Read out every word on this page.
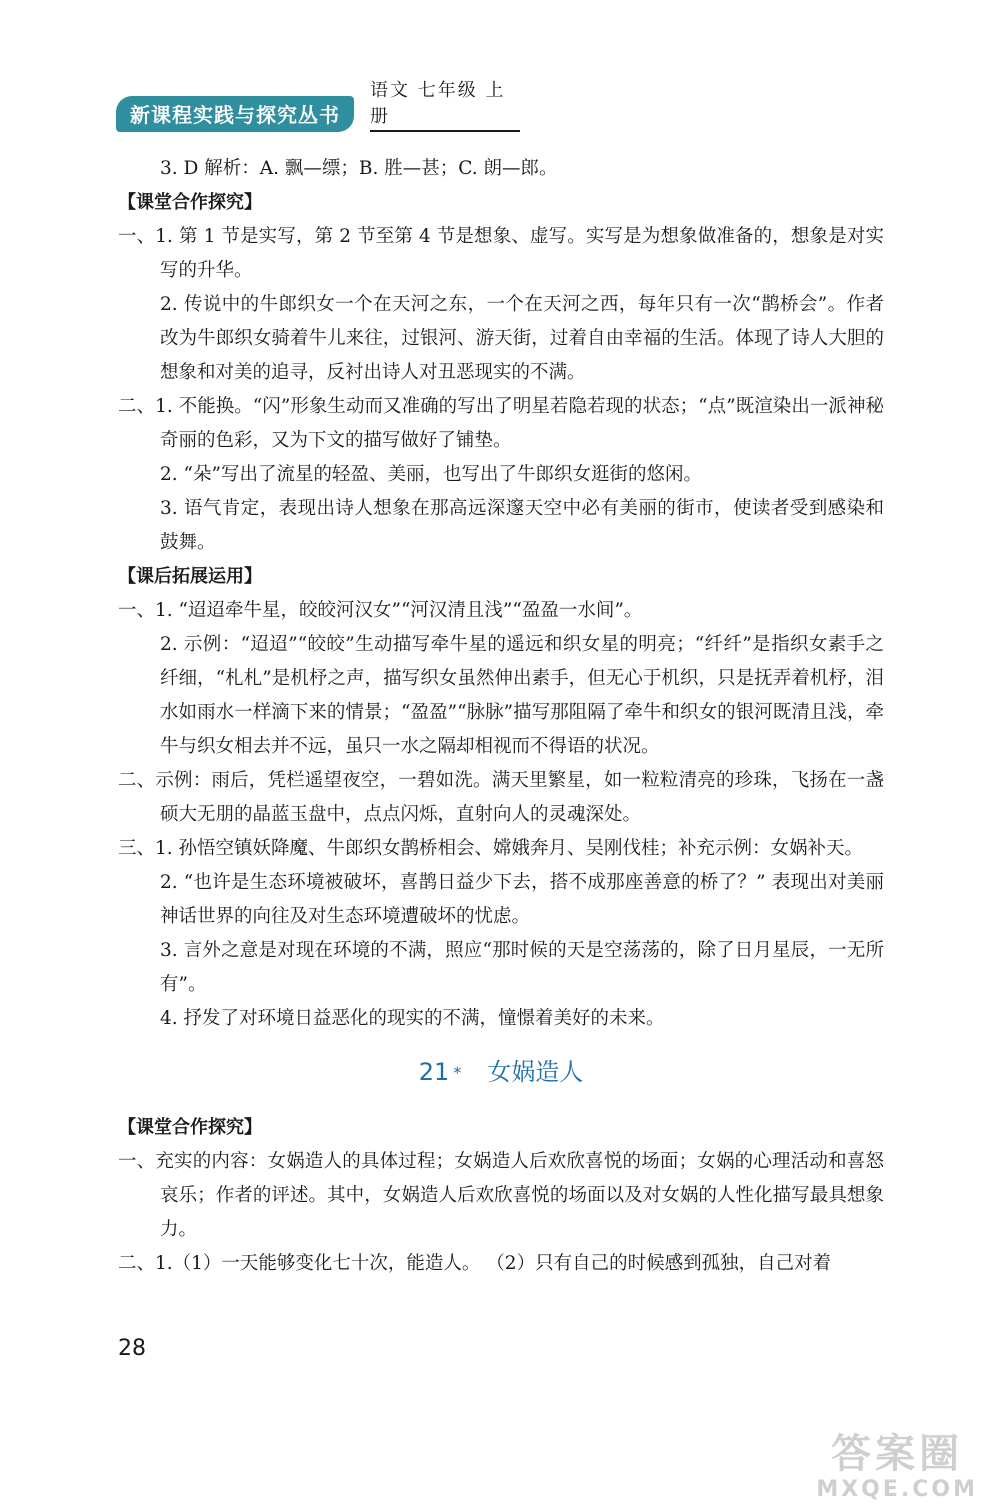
新课程实践与探究丛书
语文 七年级 上册
3. D 解析：A. 飘—缥；B. 胜—甚；C. 朗—郎。
【课堂合作探究】
一、1. 第 1 节是实写，第 2 节至第 4 节是想象、虚写。实写是为想象做准备的，想象是对实写的升华。
2. 传说中的牛郎织女一个在天河之东，一个在天河之西，每年只有一次“鹊桥会”。作者改为牛郎织女骑着牛儿来往，过银河、游天街，过着自由幸福的生活。体现了诗人大胆的想象和对美的追寻，反衬出诗人对丑恶现实的不满。
二、1. 不能换。“闪”形象生动而又准确的写出了明星若隐若现的状态；“点”既渲染出一派神秘奇丽的色彩，又为下文的描写做好了铺垫。
2. “朵”写出了流星的轻盈、美丽，也写出了牛郎织女逛街的悠闲。
3. 语气肯定，表现出诗人想象在那高远深邃天空中必有美丽的街市，使读者受到感染和鼓舞。
【课后拓展运用】
一、1. “迢迢牵牛星，皎皎河汉女”“河汉清且浅”“盈盈一水间”。
2. 示例：“迢迢”“皎皎”生动描写牵牛星的遥远和织女星的明亮；“纤纤”是指织女素手之纤细，“札札”是机杼之声，描写织女虽然伸出素手，但无心于机织，只是抚弄着机杼，泪水如雨水一样滴下来的情景；“盈盈”“脉脉”描写那阻隔了牵牛和织女的银河既清且浅，牵牛与织女相去并不远，虽只一水之隔却相视而不得语的状况。
二、示例：雨后，凭栏遥望夜空，一碧如洗。满天里繁星，如一粒粒清亮的珍珠，飞扬在一盏硕大无朋的晶蓝玉盘中，点点闪烁，直射向人的灵魂深处。
三、1. 孙悟空镇妖降魔、牛郎织女鹊桥相会、嫦娥奔月、吴刚伐桂；补充示例：女娲补天。
2. “也许是生态环境被破坏，喜鹊日益少下去，搭不成那座善意的桥了？” 表现出对美丽神话世界的向往及对生态环境遭破坏的忧虑。
3. 言外之意是对现在环境的不满，照应“那时候的天是空荡荡的，除了日月星辰，一无所有”。
4. 抒发了对环境日益恶化的现实的不满，憧憬着美好的未来。
21 * 女娲造人
【课堂合作探究】
一、充实的内容：女娲造人的具体过程；女娲造人后欢欣喜悦的场面；女娲的心理活动和喜怒哀乐；作者的评述。其中，女娲造人后欢欣喜悦的场面以及对女娲的人性化描写最具想象力。
二、1.（1）一天能够变化七十次，能造人。 （2）只有自己的时候感到孤独，自己对着
28
答案圈
MXQE.COM
